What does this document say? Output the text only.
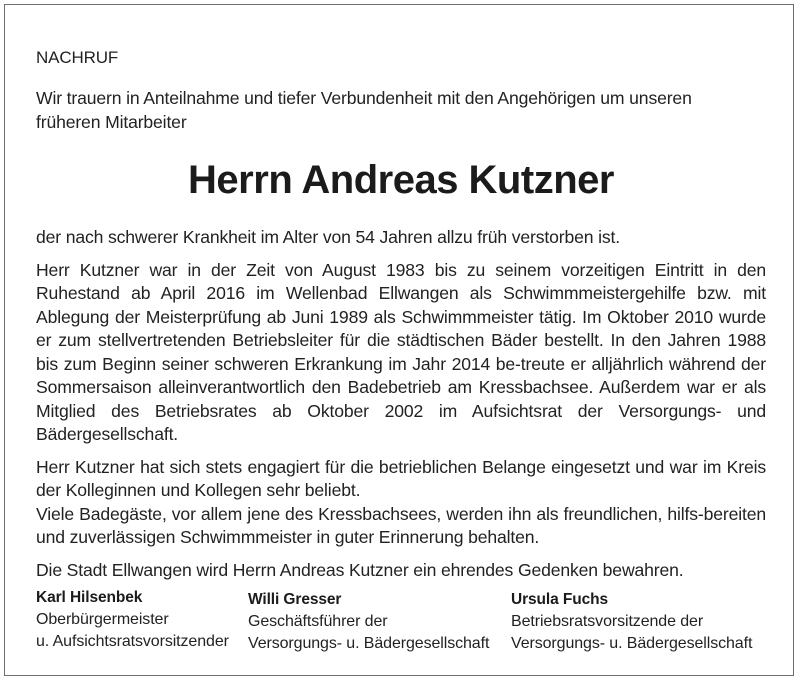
NACHRUF

Wir trauern in Anteilnahme und tiefer Verbundenheit mit den Angehörigen um unseren
früheren Mitarbeiter

Herrn Andreas Kutzner

der nach schwerer Krankheit im Alter von 54 Jahren allzu früh verstorben ist.

Herr Kutzner war in der Zeit von August 1983 bis zu seinem vorzeitigen Eintritt in den Ruhestand ab April 2016 im Wellenbad Ellwangen als Schwimmmeistergehilfe bzw. mit Ablegung der Meisterprüfung ab Juni 1989 als Schwimmmeister tätig. Im Oktober 2010 wurde er zum stellvertretenden Betriebsleiter für die städtischen Bäder bestellt. In den Jahren 1988 bis zum Beginn seiner schweren Erkrankung im Jahr 2014 be-treute er alljährlich während der Sommersaison alleinverantwortlich den Badebetrieb am Kressbachsee. Außerdem war er als Mitglied des Betriebsrates ab Oktober 2002 im Aufsichtsrat der Versorgungs- und Bädergesellschaft.

Herr Kutzner hat sich stets engagiert für die betrieblichen Belange eingesetzt und war im Kreis der Kolleginnen und Kollegen sehr beliebt.

Viele Badegäste, vor allem jene des Kressbachsees, werden ihn als freundlichen, hilfs-bereiten und zuverlässigen Schwimmmeister in guter Erinnerung behalten.

Die Stadt Ellwangen wird Herrn Andreas Kutzner ein ehrendes Gedenken bewahren.

Karl Hilsenbek
Oberbürgermeister
u. Aufsichtsratsvorsitzender
Willi Gresser
Geschäftsführer der
Versorgungs- u. Bädergesellschaft
Ursula Fuchs
Betriebsratsvorsitzende der
Versorgungs- u. Bädergesellschaft
